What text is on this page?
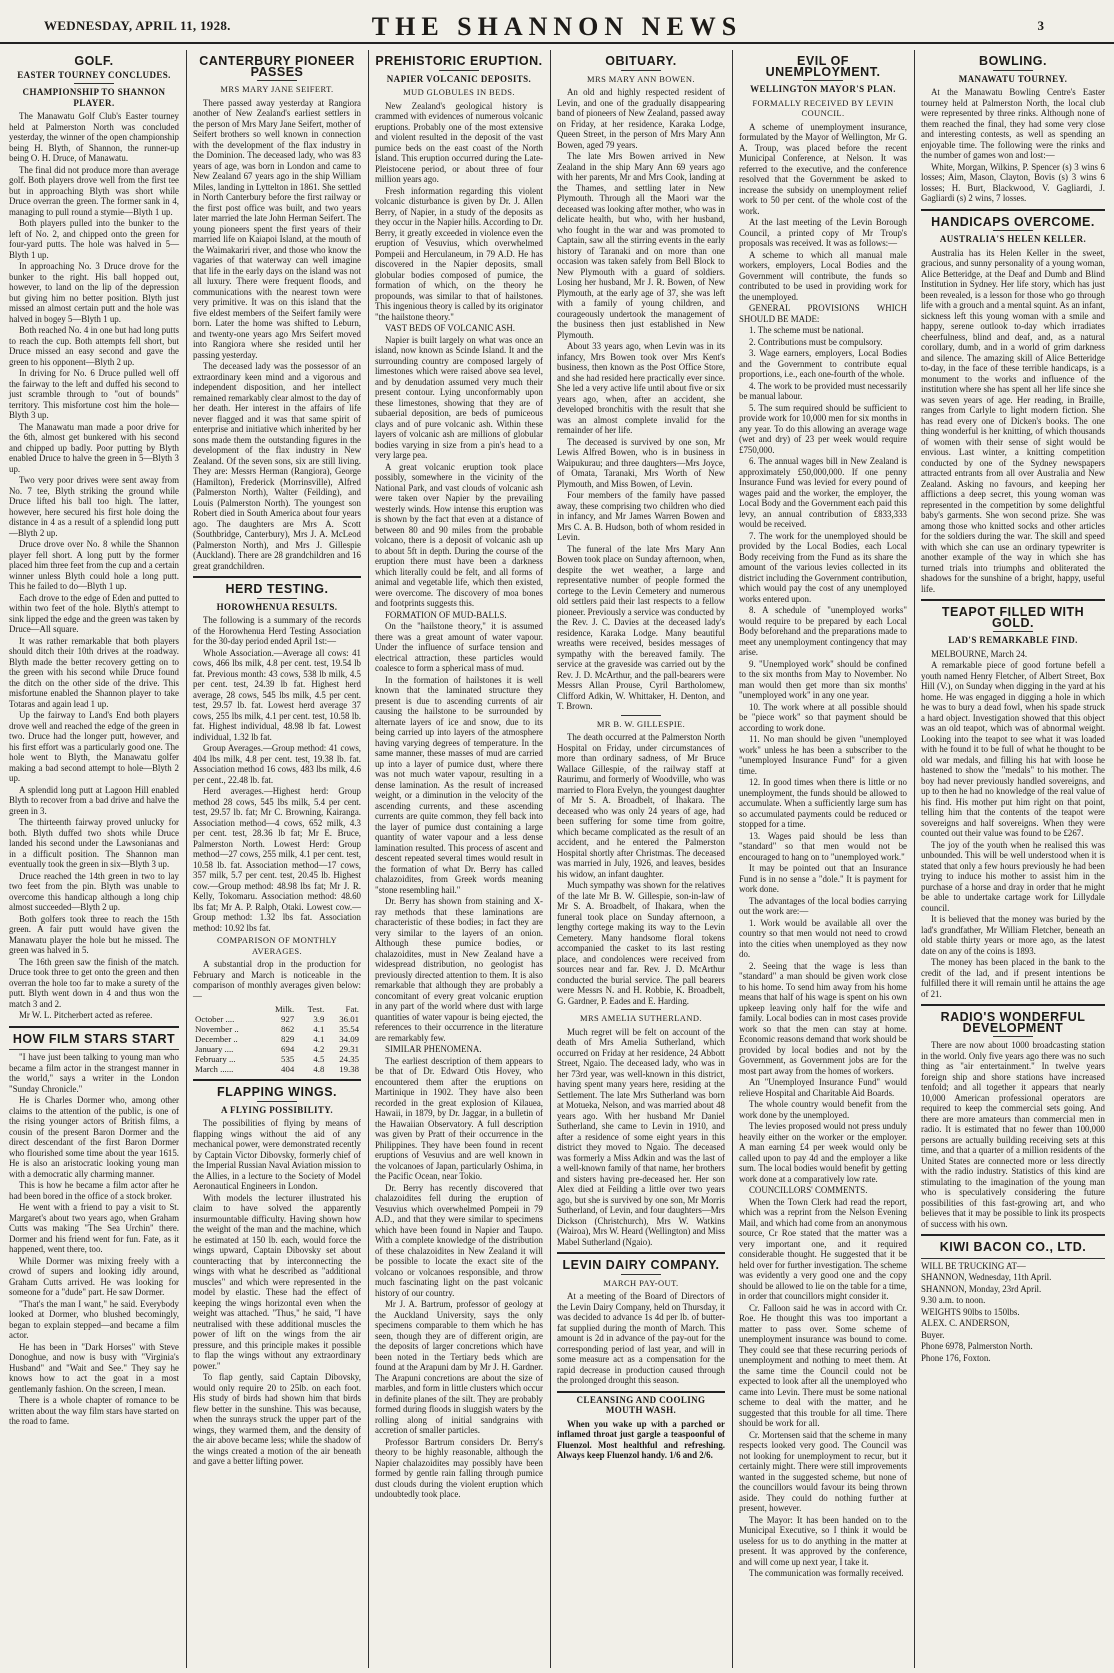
WEDNESDAY, APRIL 11, 1928.	THE SHANNON NEWS	3
GOLF.
EASTER TOURNEY CONCLUDES.
CHAMPIONSHIP TO SHANNON PLAYER.

The Manawatu Golf Club's Easter tourney held at Palmerston North was concluded yesterday, the winner of the open championship being H. Blyth, of Shannon, the runner-up being O. H. Druce, of Manawatu.

The final did not produce more than average golf. Both players drove well from the first tee but in approaching Blyth was short while Druce overran the green. The former sank in 4, managing to pull round a stymie—Blyth 1 up.

Both players pulled into the bunker to the left of No. 2, and chipped onto the green for four-yard putts. The hole was halved in 5—Blyth 1 up.

In approaching No. 3 Druce drove for the bunker to the right. His ball hopped out, however, to land on the lip of the depression but giving him no better position. Blyth just missed an almost certain putt and the hole was halved in bogey 5—Blyth 1 up.

Both reached No. 4 in one but had long putts to reach the cup. Both attempts fell short, but Druce missed an easy second and gave the green to his opponent—Blyth 2 up.

In driving for No. 6 Druce pulled well off the fairway to the left and duffed his second to just scramble through to "out of bounds" territory. This misfortune cost him the hole—Blyth 3 up.

The Manawatu man made a poor drive for the 6th, almost get bunkered with his second and chipped up badly. Poor putting by Blyth enabled Druce to halve the green in 5—Blyth 3 up.

Two very poor drives were sent away from No. 7 tee, Blyth striking the ground while Druce lifted his ball too high. The latter, however, here secured his first hole doing the distance in 4 as a result of a splendid long putt—Blyth 2 up.

Druce drove over No. 8 while the Shannon player fell short. A long putt by the former placed him three feet from the cup and a certain winner unless Blyth could hole a long putt. This he failed to do—Blyth 1 up.

Each drove to the edge of Eden and putted to within two feet of the hole. Blyth's attempt to sink lipped the edge and the green was taken by Druce—All square.

It was rather remarkable that both players should ditch their 10th drives at the roadway. Blyth made the better recovery getting on to the green with his second while Druce found the ditch on the other side of the drive. This misfortune enabled the Shannon player to take Totaras and again lead 1 up.

Up the fairway to Land's End both players drove well and reached the edge of the green in two. Druce had the longer putt, however, and his first effort was a particularly good one. The hole went to Blyth, the Manawatu golfer making a bad second attempt to hole—Blyth 2 up.

A splendid long putt at Lagoon Hill enabled Blyth to recover from a bad drive and halve the green in 3.

The thirteenth fairway proved unlucky for both. Blyth duffed two shots while Druce landed his second under the Lawsonianas and in a difficult position. The Shannon man eventually took the green in six—Blyth 3 up.

Druce reached the 14th green in two to lay two feet from the pin. Blyth was unable to overcome this handicap although a long chip almost succeeded—Blyth 2 up.

Both golfers took three to reach the 15th green. A fair putt would have given the Manawatu player the hole but he missed. The green was halved in 5.

The 16th green saw the finish of the match. Druce took three to get onto the green and then overran the hole too far to make a surety of the putt. Blyth went down in 4 and thus won the match 3 and 2.

Mr W. L. Pitcherbert acted as referee.

HOW FILM STARS START

"I have just been talking to young man who became a film actor in the strangest manner in the world," says a writer in the London "Sunday Chronicle."

He is Charles Dormer who, among other claims to the attention of the public, is one of the rising younger actors of British films, a cousin of the present Baron Dormer and the direct descendant of the first Baron Dormer who flourished some time about the year 1615. He is also an aristocratic looking young man with a democratic ally charming manner.

This is how he became a film actor after he had been bored in the office of a stock broker.

He went with a friend to pay a visit to St. Margaret's about two years ago, when Graham Cutts was making "The Sea Urchin" there. Dormer and his friend went for fun. Fate, as it happened, went there, too.

While Dormer was mixing freely with a crowd of supers and looking idly around, Graham Cutts arrived. He was looking for someone for a "dude" part. He saw Dormer.

"That's the man I want," he said. Everybody looked at Dormer, who blushed becomingly, began to explain stepped—and became a film actor.

He has been in "Dark Horses" with Steve Donoghue, and now is busy with "Virginia's Husband" and "Wait and See." They say he knows how to act the goat in a most gentlemanly fashion. On the screen, I mean.

There is a whole chapter of romance to be written about the way film stars have started on the road to fame.

CANTERBURY PIONEER PASSES
MRS MARY JANE SEIFERT.

There passed away yesterday at Rangiora another of New Zealand's earliest settlers in the person of Mrs Mary Jane Seifert, mother of Seifert brothers so well known in connection with the development of the flax industry in the Dominion. The deceased lady, who was 83 years of age, was born in London and came to New Zealand 67 years ago in the ship William Miles, landing in Lyttelton in 1861. She settled in North Canterbury before the first railway or the first post office was built, and two years later married the late John Herman Seifert. The young pioneers spent the first years of their married life on Kaiapoi Island, at the mouth of the Waimakariri river, and those who know the vagaries of that waterway can well imagine that life in the early days on the island was not all luxury. There were frequent floods, and communications with the nearest town were very primitive. It was on this island that the five eldest members of the Seifert family were born. Later the home was shifted to Leburn, and twenty-one years ago Mrs Seifert moved into Rangiora where she resided until her passing yesterday.

The deceased lady was the possessor of an extraordinary keen mind and a vigorous and independent disposition, and her intellect remained remarkably clear almost to the day of her death. Her interest in the affairs of life never flagged and it was that same spirit of enterprise and initiative which inherited by her sons made them the outstanding figures in the development of the flax industry in New Zealand. Of the seven sons, six are still living. They are: Messrs Herman (Rangiora), George (Hamilton), Frederick (Morrinsville), Alfred (Palmerston North), Walter (Feilding), and Louis (Palmerston North). The youngest son Robert died in South America about four years ago. The daughters are Mrs A. Scott (Southbridge, Canterbury), Mrs J. A. McLeod (Palmerston North), and Mrs J. Gillespie (Auckland). There are 28 grandchildren and 16 great grandchildren.

HERD TESTING.
HOROWHENUA RESULTS.

The following is a summary of the records of the Horowhenua Herd Testing Association for the 30-day period ended April 1st:—

Whole Association.—Average all cows: 41 cows, 466 lbs milk, 4.8 per cent. test, 19.54 lb fat. Previous month: 43 cows, 538 lb milk, 4.5 per cent. test, 24.39 lb fat. Highest herd average, 28 cows, 545 lbs milk, 4.5 per cent. test, 29.57 lb. fat. Lowest herd average 37 cows, 255 lbs milk, 4.1 per cent. test, 10.58 lb. fat. Highest individual, 48.98 lb fat. Lowest individual, 1.32 lb fat.

Group Averages.—Group method: 41 cows, 404 lbs milk, 4.8 per cent. test, 19.38 lb. fat. Association method 16 cows, 483 lbs milk, 4.6 per cent., 22.48 lb. fat.

Herd averages.—Highest herd: Group method 28 cows, 545 lbs milk, 5.4 per cent. test, 29.57 lb. fat; Mr C. Browning, Kairanga. Association method—4 cows, 652 milk, 4.3 per cent. test, 28.36 lb fat; Mr E. Bruce, Palmerston North. Lowest Herd: Group method—27 cows, 255 milk, 4.1 per cent. test, 10.58 lb. fat. Association method—17 cows, 357 milk, 5.7 per cent. test, 20.45 lb. Highest cow.—Group method: 48.98 lbs fat; Mr J. R. Kelly, Tokomaru. Association method: 48.60 lbs fat; Mr A. P. Ralph, Otaki. Lowest cow.—Group method: 1.32 lbs fat. Association method: 10.92 lbs fat.

COMPARISON OF MONTHLY AVERAGES.

A substantial drop in the production for February and March is noticeable in the comparison of monthly averages given below:—

	Milk.	Test.	Fat.
October ....	927	3.9	36.01
November ..	862	4.1	35.54
December ..	829	4.1	34.09
January ....	694	4.2	29.31
February ...	535	4.5	24.35
March ......	404	4.8	19.38
FLAPPING WINGS.
A FLYING POSSIBILITY.

The possibilities of flying by means of flapping wings without the aid of any mechanical power, were demonstrated recently by Captain Victor Dibovsky, formerly chief of the Imperial Russian Naval Aviation mission to the Allies, in a lecture to the Society of Model Aeronautical Engineers in London.

With models the lecturer illustrated his claim to have solved the apparently insurmountable difficulty. Having shown how the weight of the man and the machine, which he estimated at 150 lb. each, would force the wings upward, Captain Dibovsky set about counteracting that by interconnecting the wings with what he described as "additional muscles" and which were represented in the model by elastic. These had the effect of keeping the wings horizontal even when the weight was attached. "Thus," he said, "I have neutralised with these additional muscles the power of lift on the wings from the air pressure, and this principle makes it possible to flap the wings without any extraordinary power."

To flap gently, said Captain Dibovsky, would only require 20 to 25lb. on each foot. His study of birds had shown him that birds flew better in the sunshine. This was because, when the sunrays struck the upper part of the wings, they warmed them, and the density of the air above became less; while the shadow of the wings created a motion of the air beneath and gave a better lifting power.

PREHISTORIC ERUPTION.
NAPIER VOLCANIC DEPOSITS.
MUD GLOBULES IN BEDS.

New Zealand's geological history is crammed with evidences of numerous volcanic eruptions. Probably one of the most extensive and violent resulted in the deposit of the vast pumice beds on the east coast of the North Island. This eruption occurred during the Late-Pleistocene period, or about three of four million years ago.

Fresh information regarding this violent volcanic disturbance is given by Dr. J. Allen Berry, of Napier, in a study of the deposits as they occur in the Napier hills. According to Dr. Berry, it greatly exceeded in violence even the eruption of Vesuvius, which overwhelmed Pompeii and Herculaneum, in 79 A.D. He has discovered in the Napier deposits, small globular bodies composed of pumice, the formation of which, on the theory he propounds, was similar to that of hailstones. This ingenious theory is called by its originator "the hailstone theory."

VAST BEDS OF VOLCANIC ASH.

Napier is built largely on what was once an island, now known as Scinde Island. It and the surrounding country are composed largely of limestones which were raised above sea level, and by denudation assumed very much their present contour. Lying unconformably upon these limestones, showing that they are of subaerial deposition, are beds of pumiceous clays and of pure volcanic ash. Within these layers of volcanic ash are millions of globular bodies varying in size from a pin's head to a very large pea.

A great volcanic eruption took place possibly, somewhere in the vicinity of the National Park, and vast clouds of volcanic ash were taken over Napier by the prevailing westerly winds. How intense this eruption was is shown by the fact that even at a distance of between 80 and 90 miles from the probable volcano, there is a deposit of volcanic ash up to about 5ft in depth. During the course of the eruption there must have been a darkness which literally could be felt, and all forms of animal and vegetable life, which then existed, were overcome. The discovery of moa bones and footprints suggests this.

FORMATION OF MUD-BALLS.

On the "hailstone theory," it is assumed there was a great amount of water vapour. Under the influence of surface tension and electrical attraction, these particles would coalesce to form a spherical mass of mud.

In the formation of hailstones it is well known that the laminated structure they present is due to ascending currents of air causing the hailstone to be surrounded by alternate layers of ice and snow, due to its being carried up into layers of the atmosphere having varying degrees of temperature. In the same manner, these masses of mud are carried up into a layer of pumice dust, where there was not much water vapour, resulting in a dense lamination. As the result of increased weight, or a diminution in the velocity of the ascending currents, and these ascending currents are quite common, they fell back into the layer of pumice dust containing a large quantity of water vapour and a less dense lamination resulted. This process of ascent and descent repeated several times would result in the formation of what Dr. Berry has called chalazoidites, from Greek words meaning "stone resembling hail."

Dr. Berry has shown from staining and X-ray methods that these laminations are characteristic of these bodies; in fact they are very similar to the layers of an onion. Although these pumice bodies, or chalazoidites, must in New Zealand have a widespread distribution, no geologist has previously directed attention to them. It is also remarkable that although they are probably a concomitant of every great volcanic eruption in any part of the world where dust with large quantities of water vapour is being ejected, the references to their occurrence in the literature are remarkably few.

SIMILAR PHENOMENA.

The earliest description of them appears to be that of Dr. Edward Otis Hovey, who encountered them after the eruptions on Martinique in 1902. They have also been recorded in the great explosion of Kilauea, Hawaii, in 1879, by Dr. Jaggar, in a bulletin of the Hawaiian Observatory. A full description was given by Pratt of their occurrence in the Philippines. They have been found in recent eruptions of Vesuvius and are well known in the volcanoes of Japan, particularly Oshima, in the Pacific Ocean, near Tokio.

Dr. Berry has recently discovered that chalazoidites fell during the eruption of Vesuvius which overwhelmed Pompeii in 79 A.D., and that they were similar to specimens which have been found in Napier and Taupo. With a complete knowledge of the distribution of these chalazoidites in New Zealand it will be possible to locate the exact site of the volcano or volcanoes responsible, and throw much fascinating light on the past volcanic history of our country.

Mr J. A. Bartrum, professor of geology at the Auckland University, says the only specimens comparable to them which he has seen, though they are of different origin, are the deposits of larger concretions which have been noted in the Tertiary beds which are found at the Arapuni dam by Mr J. H. Gardner. The Arapuni concretions are about the size of marbles, and form in little clusters which occur in definite planes of the silt. They are probably formed during floods in sluggish waters by the rolling along of initial sandgrains with accretion of smaller particles.

Professor Bartrum considers Dr. Berry's theory to be highly reasonable, although the Napier chalazoidites may possibly have been formed by gentle rain falling through pumice dust clouds during the violent eruption which undoubtedly took place.

OBITUARY.
MRS MARY ANN BOWEN.

An old and highly respected resident of Levin, and one of the gradually disappearing band of pioneers of New Zealand, passed away on Friday, at her residence, Karaka Lodge, Queen Street, in the person of Mrs Mary Ann Bowen, aged 79 years.

The late Mrs Bowen arrived in New Zealand in the ship Mary Ann 69 years ago with her parents, Mr and Mrs Cook, landing at the Thames, and settling later in New Plymouth. Through all the Maori war the deceased was looking after mother, who was in delicate health, but who, with her husband, who fought in the war and was promoted to Captain, saw all the stirring events in the early history of Taranaki and on more than one occasion was taken safely from Bell Block to New Plymouth with a guard of soldiers. Losing her husband, Mr J. R. Bowen, of New Plymouth, at the early age of 37, she was left with a family of young children, and courageously undertook the management of the business then just established in New Plymouth.

About 33 years ago, when Levin was in its infancy, Mrs Bowen took over Mrs Kent's business, then known as the Post Office Store, and she had resided here practically ever since. She led a very active life until about five or six years ago, when, after an accident, she developed bronchitis with the result that she was an almost complete invalid for the remainder of her life.

The deceased is survived by one son, Mr Lewis Alfred Bowen, who is in business in Waipukurau; and three daughters—Mrs Joyce, of Omata, Taranaki, Mrs Worth of New Plymouth, and Miss Bowen, of Levin.

Four members of the family have passed away, these comprising two children who died in infancy, and Mr James Warren Bowen and Mrs C. A. B. Hudson, both of whom resided in Levin.

The funeral of the late Mrs Mary Ann Bowen took place on Sunday afternoon, when, despite the wet weather, a large and representative number of people formed the cortege to the Levin Cemetery and numerous old settlers paid their last respects to a fellow pioneer. Previously a service was conducted by the Rev. J. C. Davies at the deceased lady's residence, Karaka Lodge. Many beautiful wreaths were received, besides messages of sympathy with the bereaved family. The service at the graveside was carried out by the Rev. J. D. McArthur, and the pall-bearers were Messrs Allan Prouse, Cyril Bartholomew, Clifford Adkin, W. Whittaker, H. Denton, and T. Brown.

MR B. W. GILLESPIE.

The death occurred at the Palmerston North Hospital on Friday, under circumstances of more than ordinary sadness, of Mr Bruce Wallace Gillespie, of the railway staff at Raurimu, and formerly of Woodville, who was married to Flora Evelyn, the youngest daughter of Mr S. A. Broadbelt, of Ihakara. The deceased who was only 24 years of age, had been suffering for some time from goitre, which became complicated as the result of an accident, and he entered the Palmerston Hospital shortly after Christmas. The deceased was married in July, 1926, and leaves, besides his widow, an infant daughter.

Much sympathy was shown for the relatives of the late Mr B. W. Gillespie, son-in-law of Mr S. A. Broadbelt, of Ihakara, when the funeral took place on Sunday afternoon, a lengthy cortege making its way to the Levin Cemetery. Many handsome floral tokens accompanied the casket to its last resting place, and condolences were received from sources near and far. Rev. J. D. McArthur conducted the burial service. The pall bearers were Messrs N. and H. Robbie, K. Broadbelt, G. Gardner, P. Eades and E. Harding.

MRS AMELIA SUTHERLAND.

Much regret will be felt on account of the death of Mrs Amelia Sutherland, which occurred on Friday at her residence, 24 Abbott Street, Ngaio. The deceased lady, who was in her 73rd year, was well-known in this district, having spent many years here, residing at the Settlement. The late Mrs Sutherland was born at Motueka, Nelson, and was married about 48 years ago. With her husband Mr Daniel Sutherland, she came to Levin in 1910, and after a residence of some eight years in this district they moved to Ngaio. The deceased was formerly a Miss Adkin and was the last of a well-known family of that name, her brothers and sisters having pre-deceased her. Her son Alex died at Feilding a little over two years ago, but she is survived by one son, Mr Morris Sutherland, of Levin, and four daughters—Mrs Dickson (Christchurch), Mrs W. Watkins (Wairoa), Mrs W. Heard (Wellington) and Miss Mabel Sutherland (Ngaio).

LEVIN DAIRY COMPANY.
MARCH PAY-OUT.

At a meeting of the Board of Directors of the Levin Dairy Company, held on Thursday, it was decided to advance 1s 4d per lb. of butter-fat supplied during the month of March. This amount is 2d in advance of the pay-out for the corresponding period of last year, and will in some measure act as a compensation for the rapid decrease in production caused through the prolonged drought this season.

CLEANSING AND COOLING MOUTH WASH.

When you wake up with a parched or inflamed throat just gargle a teaspoonful of Fluenzol. Most healthful and refreshing. Always keep Fluenzol handy. 1/6 and 2/6.

EVIL OF UNEMPLOYMENT.
WELLINGTON MAYOR'S PLAN.
FORMALLY RECEIVED BY LEVIN COUNCIL.

A scheme of unemployment insurance, formulated by the Mayor of Wellington, Mr G. A. Troup, was placed before the recent Municipal Conference, at Nelson. It was referred to the executive, and the conference resolved that the Government be asked to increase the subsidy on unemployment relief work to 50 per cent. of the whole cost of the work.

At the last meeting of the Levin Borough Council, a printed copy of Mr Troup's proposals was received. It was as follows:—

A scheme to which all manual male workers, employers, Local Bodies and the Government will contribute, the funds so contributed to be used in providing work for the unemployed.

GENERAL PROVISIONS WHICH SHOULD BE MADE:

1. The scheme must be national.

2. Contributions must be compulsory.

3. Wage earners, employers, Local Bodies and the Government to contribute equal proportions, i.e., each one-fourth of the whole.

4. The work to be provided must necessarily be manual labour.

5. The sum required should be sufficient to provide work for 10,000 men for six months in any year. To do this allowing an average wage (wet and dry) of 23 per week would require £750,000.

6. The annual wages bill in New Zealand is approximately £50,000,000. If one penny Insurance Fund was levied for every pound of wages paid and the worker, the employer, the Local Body and the Government each paid this levy, an annual contribution of £833,333 would be received.

7. The work for the unemployed should be provided by the Local Bodies, each Local Body receiving from the Fund as its share the amount of the various levies collected in its district including the Government contribution, which would pay the cost of any unemployed works entered upon.

8. A schedule of "unemployed works" would require to be prepared by each Local Body beforehand and the preparations made to meet any unemployment contingency that may arise.

9. "Unemployed work" should be confined to the six months from May to November. No man would then get more than six months' "unemployed work" in any one year.

10. The work where at all possible should be "piece work" so that payment should be according to work done.

11. No man should be given "unemployed work" unless he has been a subscriber to the "unemployed Insurance Fund" for a given time.

12. In good times when there is little or no unemployment, the funds should be allowed to accumulate. When a sufficiently large sum has so accumulated payments could be reduced or stopped for a time.

13. Wages paid should be less than "standard" so that men would not be encouraged to hang on to "unemployed work."

It may be pointed out that an Insurance Fund is in no sense a "dole." It is payment for work done.

The advantages of the local bodies carrying out the work are:—

1. Work would be available all over the country so that men would not need to crowd into the cities when unemployed as they now do.

2. Seeing that the wage is less than "standard" a man should be given work close to his home. To send him away from his home means that half of his wage is spent on his own upkeep leaving only half for the wife and family. Local bodies can in most cases provide work so that the men can stay at home. Economic reasons demand that work should be provided by local bodies and not by the Government, as Government jobs are for the most part away from the homes of workers.

An "Unemployed Insurance Fund" would relieve Hospital and Charitable Aid Boards.

The whole country would benefit from the work done by the unemployed.

The levies proposed would not press unduly heavily either on the worker or the employer. A man earning £4 per week would only be called upon to pay 4d and the employer a like sum. The local bodies would benefit by getting work done at a comparatively low rate.

COUNCILLORS' COMMENTS.

When the Town Clerk had read the report, which was a reprint from the Nelson Evening Mail, and which had come from an anonymous source, Cr Roe stated that the matter was a very important one, and it required considerable thought. He suggested that it be held over for further investigation. The scheme was evidently a very good one and the copy should be allowed to lie on the table for a time, in order that councillors might consider it.

Cr. Falloon said he was in accord with Cr. Roe. He thought this was too important a matter to pass over. Some scheme of unemployment insurance was bound to come. They could see that these recurring periods of unemployment and nothing to meet them. At the same time the Council could not be expected to look after all the unemployed who came into Levin. There must be some national scheme to deal with the matter, and he suggested that this trouble for all time. There should be work for all.

Cr. Mortensen said that the scheme in many respects looked very good. The Council was not looking for unemployment to recur, but it certainly might. There were still improvements wanted in the suggested scheme, but none of the councillors would favour its being thrown aside. They could do nothing further at present, however.

The Mayor: It has been handed on to the Municipal Executive, so I think it would be useless for us to do anything in the matter at present. It was approved by the conference, and will come up next year, I take it.

The communication was formally received.

BOWLING.
MANAWATU TOURNEY.

At the Manawatu Bowling Centre's Easter tourney held at Palmerston North, the local club were represented by three rinks. Although none of them reached the final, they had some very close and interesting contests, as well as spending an enjoyable time. The following were the rinks and the number of games won and lost:—

White, Morgan, Wilkins, P. Spencer (s) 3 wins 6 losses; Aim, Mason, Clayton, Bovis (s) 3 wins 6 losses; H. Burt, Blackwood, V. Gagliardi, J. Gagliardi (s) 2 wins, 7 losses.

HANDICAPS OVERCOME.
AUSTRALIA'S HELEN KELLER.

Australia has its Helen Keller in the sweet, gracious, and sunny personality of a young woman, Alice Betteridge, at the Deaf and Dumb and Blind Institution in Sydney. Her life story, which has just been revealed, is a lesson for those who go through life with a grouch and a mental squint. As an infant, sickness left this young woman with a smile and happy, serene outlook to-day which irradiates cheerfulness, blind and deaf, and, as a natural corollary, dumb, and in a world of grim darkness and silence. The amazing skill of Alice Betteridge to-day, in the face of these terrible handicaps, is a monument to the works and influence of the institution where she has spent all her life since she was seven years of age. Her reading, in Braille, ranges from Carlyle to light modern fiction. She has read every one of Dicken's books. The one thing wonderful is her knitting, of which thousands of women with their sense of sight would be envious. Last winter, a knitting competition conducted by one of the Sydney newspapers attracted entrants from all over Australia and New Zealand. Asking no favours, and keeping her afflictions a deep secret, this young woman was represented in the competition by some delightful baby's garments. She won second prize. She was among those who knitted socks and other articles for the soldiers during the war. The skill and speed with which she can use an ordinary typewriter is another example of the way in which she has turned trials into triumphs and obliterated the shadows for the sunshine of a bright, happy, useful life.

TEAPOT FILLED WITH GOLD.
LAD'S REMARKABLE FIND.

MELBOURNE, March 24.

A remarkable piece of good fortune befell a youth named Henry Fletcher, of Albert Street, Box Hill (V.), on Sunday when digging in the yard at his home. He was engaged in digging a hole in which he was to bury a dead fowl, when his spade struck a hard object. Investigation showed that this object was an old teapot, which was of abnormal weight. Looking into the teapot to see what it was loaded with he found it to be full of what he thought to be old war medals, and filling his hat with loose he hastened to show the "medals" to his mother. The boy had never previously handled sovereigns, and up to then he had no knowledge of the real value of his find. His mother put him right on that point, telling him that the contents of the teapot were sovereigns and half sovereigns. When they were counted out their value was found to be £267.

The joy of the youth when he realised this was unbounded. This will be well understood when it is stated that only a few hours previously he had been trying to induce his mother to assist him in the purchase of a horse and dray in order that he might be able to undertake cartage work for Lillydale council.

It is believed that the money was buried by the lad's grandfather, Mr William Fletcher, beneath an old stable thirty years or more ago, as the latest date on any of the coins is 1893.

The money has been placed in the bank to the credit of the lad, and if present intentions be fulfilled there it will remain until he attains the age of 21.

RADIO'S WONDERFUL DEVELOPMENT

There are now about 1000 broadcasting station in the world. Only five years ago there was no such thing as "air entertainment." In twelve years foreign ship and shore stations have increased tenfold; and all together it appears that nearly 10,000 American professional operators are required to keep the commercial sets going. And there are more amateurs than commercial men in radio. It is estimated that no fewer than 100,000 persons are actually building receiving sets at this time, and that a quarter of a million residents of the United States are connected more or less directly with the radio industry. Statistics of this kind are stimulating to the imagination of the young man who is speculatively considering the future possibilities of this fast-growing art, and who believes that it may be possible to link its prospects of success with his own.

KIWI BACON CO., LTD.

WILL BE TRUCKING AT—

SHANNON, Wednesday, 11th April.

SHANNON, Monday, 23rd April.

9.30 a.m. to noon.

WEIGHTS 90lbs to 150lbs.

ALEX. C. ANDERSON,

Buyer.

Phone 6978, Palmerston North.

Phone 176, Foxton.
